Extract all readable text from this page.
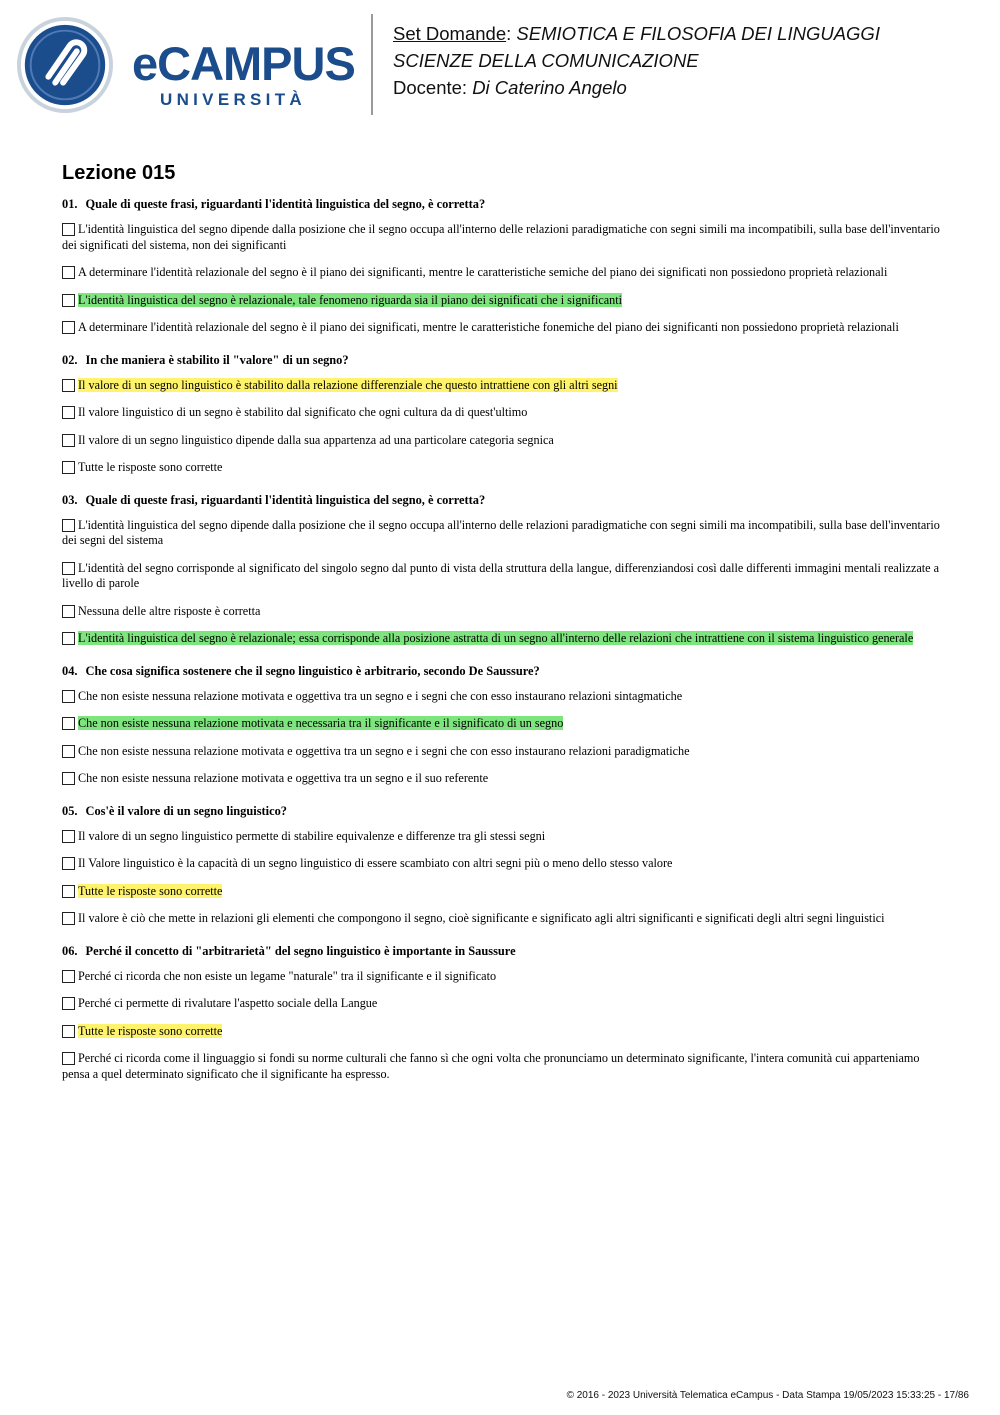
eCAMPUS
UNIVERSITÀ
Set Domande: SEMIOTICA E FILOSOFIA DEI LINGUAGGI
SCIENZE DELLA COMUNICAZIONE
Docente: Di Caterino Angelo
Lezione 015
01. Quale di queste frasi, riguardanti l'identità linguistica del segno, è corretta?
L'identità linguistica del segno dipende dalla posizione che il segno occupa all'interno delle relazioni paradigmatiche con segni simili ma incompatibili, sulla base dell'inventario dei significati del sistema, non dei significanti
A determinare l'identità relazionale del segno è il piano dei significanti, mentre le caratteristiche semiche del piano dei significati non possiedono proprietà relazionali
L'identità linguistica del segno è relazionale, tale fenomeno riguarda sia il piano dei significati che i significanti
A determinare l'identità relazionale del segno è il piano dei significati, mentre le caratteristiche fonemiche del piano dei significanti non possiedono proprietà relazionali
02. In che maniera è stabilito il "valore" di un segno?
Il valore di un segno linguistico è stabilito dalla relazione differenziale che questo intrattiene con gli altri segni
Il valore linguistico di un segno è stabilito dal significato che ogni cultura da di quest'ultimo
Il valore di un segno linguistico dipende dalla sua appartenza ad una particolare categoria segnica
Tutte le risposte sono corrette
03. Quale di queste frasi, riguardanti l'identità linguistica del segno, è corretta?
L'identità linguistica del segno dipende dalla posizione che il segno occupa all'interno delle relazioni paradigmatiche con segni simili ma incompatibili, sulla base dell'inventario dei segni del sistema
L'identità del segno corrisponde al significato del singolo segno dal punto di vista della struttura della langue, differenziandosi così dalle differenti immagini mentali realizzate a livello di parole
Nessuna delle altre risposte è corretta
L'identità linguistica del segno è relazionale; essa corrisponde alla posizione astratta di un segno all'interno delle relazioni che intrattiene con il sistema linguistico generale
04. Che cosa significa sostenere che il segno linguistico è arbitrario, secondo De Saussure?
Che non esiste nessuna relazione motivata e oggettiva tra un segno e i segni che con esso instaurano relazioni sintagmatiche
Che non esiste nessuna relazione motivata e necessaria tra il significante e il significato di un segno
Che non esiste nessuna relazione motivata e oggettiva tra un segno e i segni che con esso instaurano relazioni paradigmatiche
Che non esiste nessuna relazione motivata e oggettiva tra un segno e il suo referente
05. Cos'è il valore di un segno linguistico?
Il valore di un segno linguistico permette di stabilire equivalenze e differenze tra gli stessi segni
Il Valore linguistico è la capacità di un segno linguistico di essere scambiato con altri segni più o meno dello stesso valore
Tutte le risposte sono corrette
Il valore è ciò che mette in relazioni gli elementi che compongono il segno, cioè significante e significato agli altri significanti e significati degli altri segni linguistici
06. Perché il concetto di "arbitrarietà" del segno linguistico è importante in Saussure
Perché ci ricorda che non esiste un legame "naturale" tra il significante e il significato
Perché ci permette di rivalutare l'aspetto sociale della Langue
Tutte le risposte sono corrette
Perché ci ricorda come il linguaggio si fondi su norme culturali che fanno sì che ogni volta che pronunciamo un determinato significante, l'intera comunità cui apparteniamo pensa a quel determinato significato che il significante ha espresso.
© 2016 - 2023 Università Telematica eCampus - Data Stampa 19/05/2023 15:33:25 - 17/86
